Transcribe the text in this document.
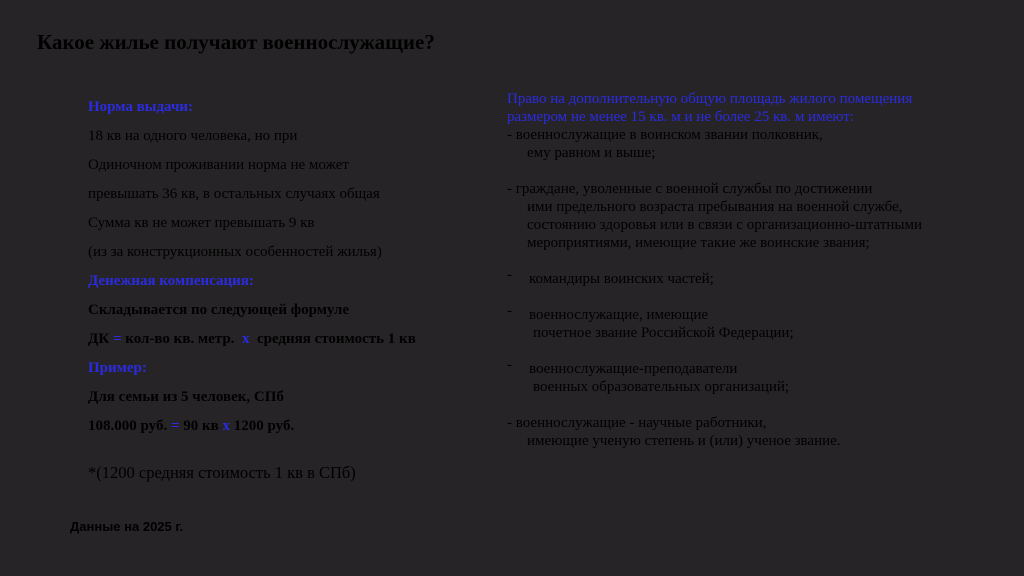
Какое жилье получают военнослужащие?
Норма выдачи:
18 кв на одного человека, но при
Одиночном проживании норма не может
превышать 36 кв, в остальных случаях общая
Сумма кв не может превышать 9 кв
(из за конструкционных особенностей жилья)
Денежная компенсация:
Складывается по следующей формуле
ДК = кол-во кв. метр. x средняя стоимость 1 кв
Пример:
Для семьи из 5 человек, СПб
108.000 руб. = 90 кв x 1200 руб.
*(1200 средняя стоимость 1 кв в СПб)
Данные на 2025 г.
Право на дополнительную общую площадь жилого помещения
размером не менее 15 кв. м и не более 25 кв. м имеют:
- военнослужащие в воинском звании полковник,
ему равном и выше;
- граждане, уволенные с военной службы по достижении
ими предельного возраста пребывания на военной службе,
состоянию здоровья или в связи с организационно-штатными
мероприятиями, имеющие такие же воинские звания;
-	командиры воинских частей;
-	военнослужащие, имеющие
почетное звание Российской Федерации;
-	военнослужащие-преподаватели
военных образовательных организаций;
- военнослужащие - научные работники,
имеющие ученую степень и (или) ученое звание.
